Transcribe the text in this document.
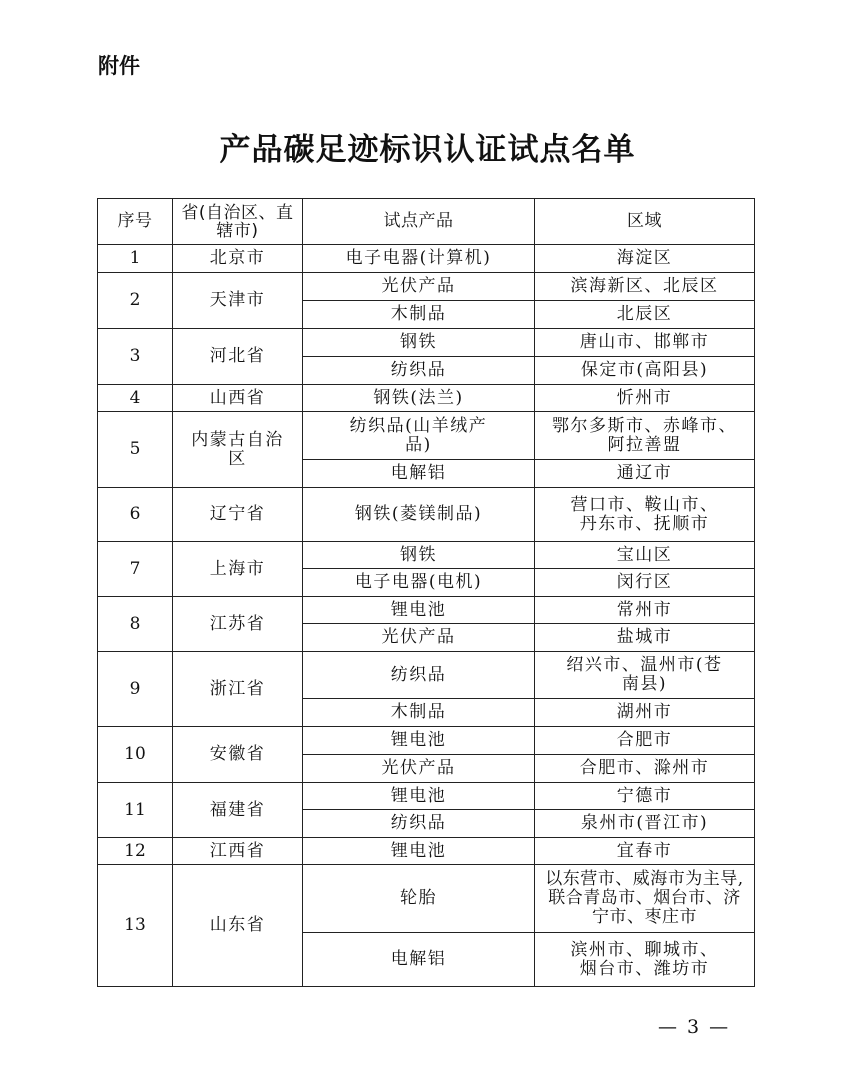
附件
产品碳足迹标识认证试点名单
序号	省(自治区、直辖市)	试点产品	区域
1	北京市	电子电器(计算机)	海淀区
2	天津市	光伏产品	滨海新区、北辰区
		木制品	北辰区
3	河北省	钢铁	唐山市、邯郸市
		纺织品	保定市(高阳县)
4	山西省	钢铁(法兰)	忻州市
5	内蒙古自治区	纺织品(山羊绒产品)	鄂尔多斯市、赤峰市、阿拉善盟
		电解铝	通辽市
6	辽宁省	钢铁(菱镁制品)	营口市、鞍山市、丹东市、抚顺市
7	上海市	钢铁	宝山区
		电子电器(电机)	闵行区
8	江苏省	锂电池	常州市
		光伏产品	盐城市
9	浙江省	纺织品	绍兴市、温州市(苍南县)
		木制品	湖州市
10	安徽省	锂电池	合肥市
		光伏产品	合肥市、滁州市
11	福建省	锂电池	宁德市
		纺织品	泉州市(晋江市)
12	江西省	锂电池	宜春市
13	山东省	轮胎	以东营市、威海市为主导,联合青岛市、烟台市、济宁市、枣庄市
		电解铝	滨州市、聊城市、烟台市、潍坊市
— 3 —
